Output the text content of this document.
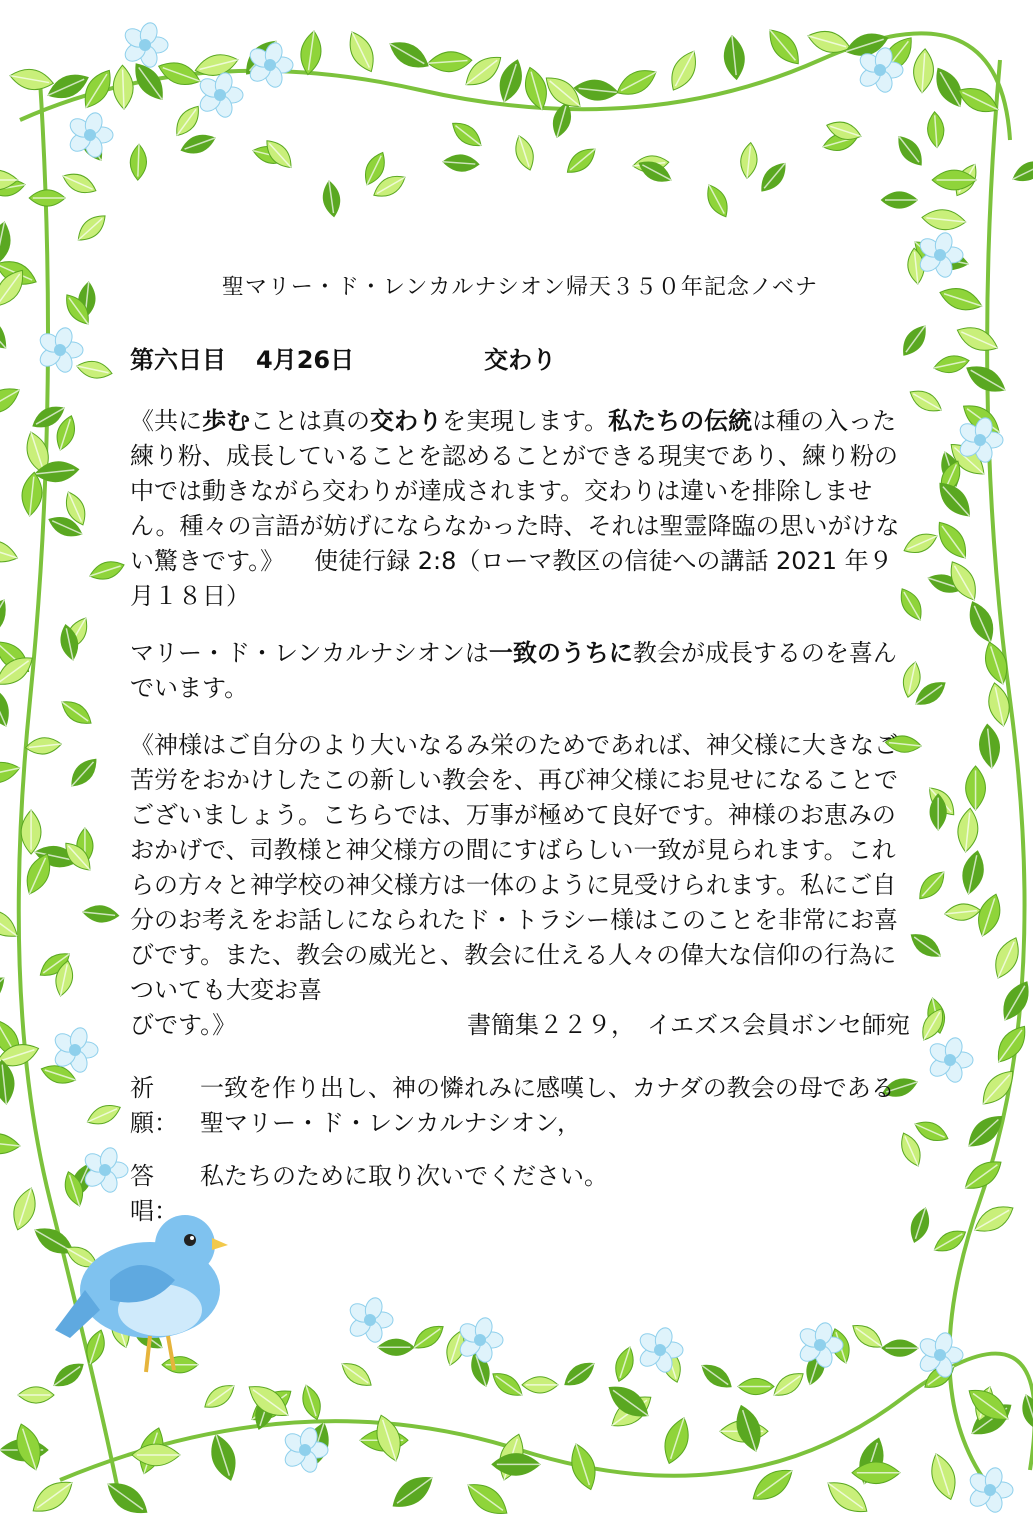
聖マリー・ド・レンカルナシオン帰天３５０年記念ノベナ
第六日目 4月26日	交わり
《共に歩むことは真の交わりを実現します。私たちの伝統は種の入った練り粉、成長していることを認めることができる現実であり、練り粉の中では動きながら交わりが達成されます。交わりは違いを排除しません。種々の言語が妨げにならなかった時、それは聖霊降臨の思いがけない驚きです。》 使徒行録 2:8（ローマ教区の信徒への講話 2021 年９月１８日）
マリー・ド・レンカルナシオンは一致のうちに教会が成長するのを喜んでいます。
《神様はご自分のより大いなるみ栄のためであれば、神父様に大きなご苦労をおかけしたこの新しい教会を、再び神父様にお見せになることでございましょう。こちらでは、万事が極めて良好です。神様のお恵みのおかげで、司教様と神父様方の間にすばらしい一致が見られます。これらの方々と神学校の神父様方は一体のように見受けられます。私にご自分のお考えをお話しになられたド・トラシー様はこのことを非常にお喜びです。また、教会の威光と、教会に仕える人々の偉大な信仰の行為についても大変お喜
びです。》	書簡集２２９，　イエズス会員ボンセ師宛
祈願：
一致を作り出し、神の憐れみに感嘆し、カナダの教会の母である
聖マリー・ド・レンカルナシオン，
答唱：
私たちのために取り次いでください。
